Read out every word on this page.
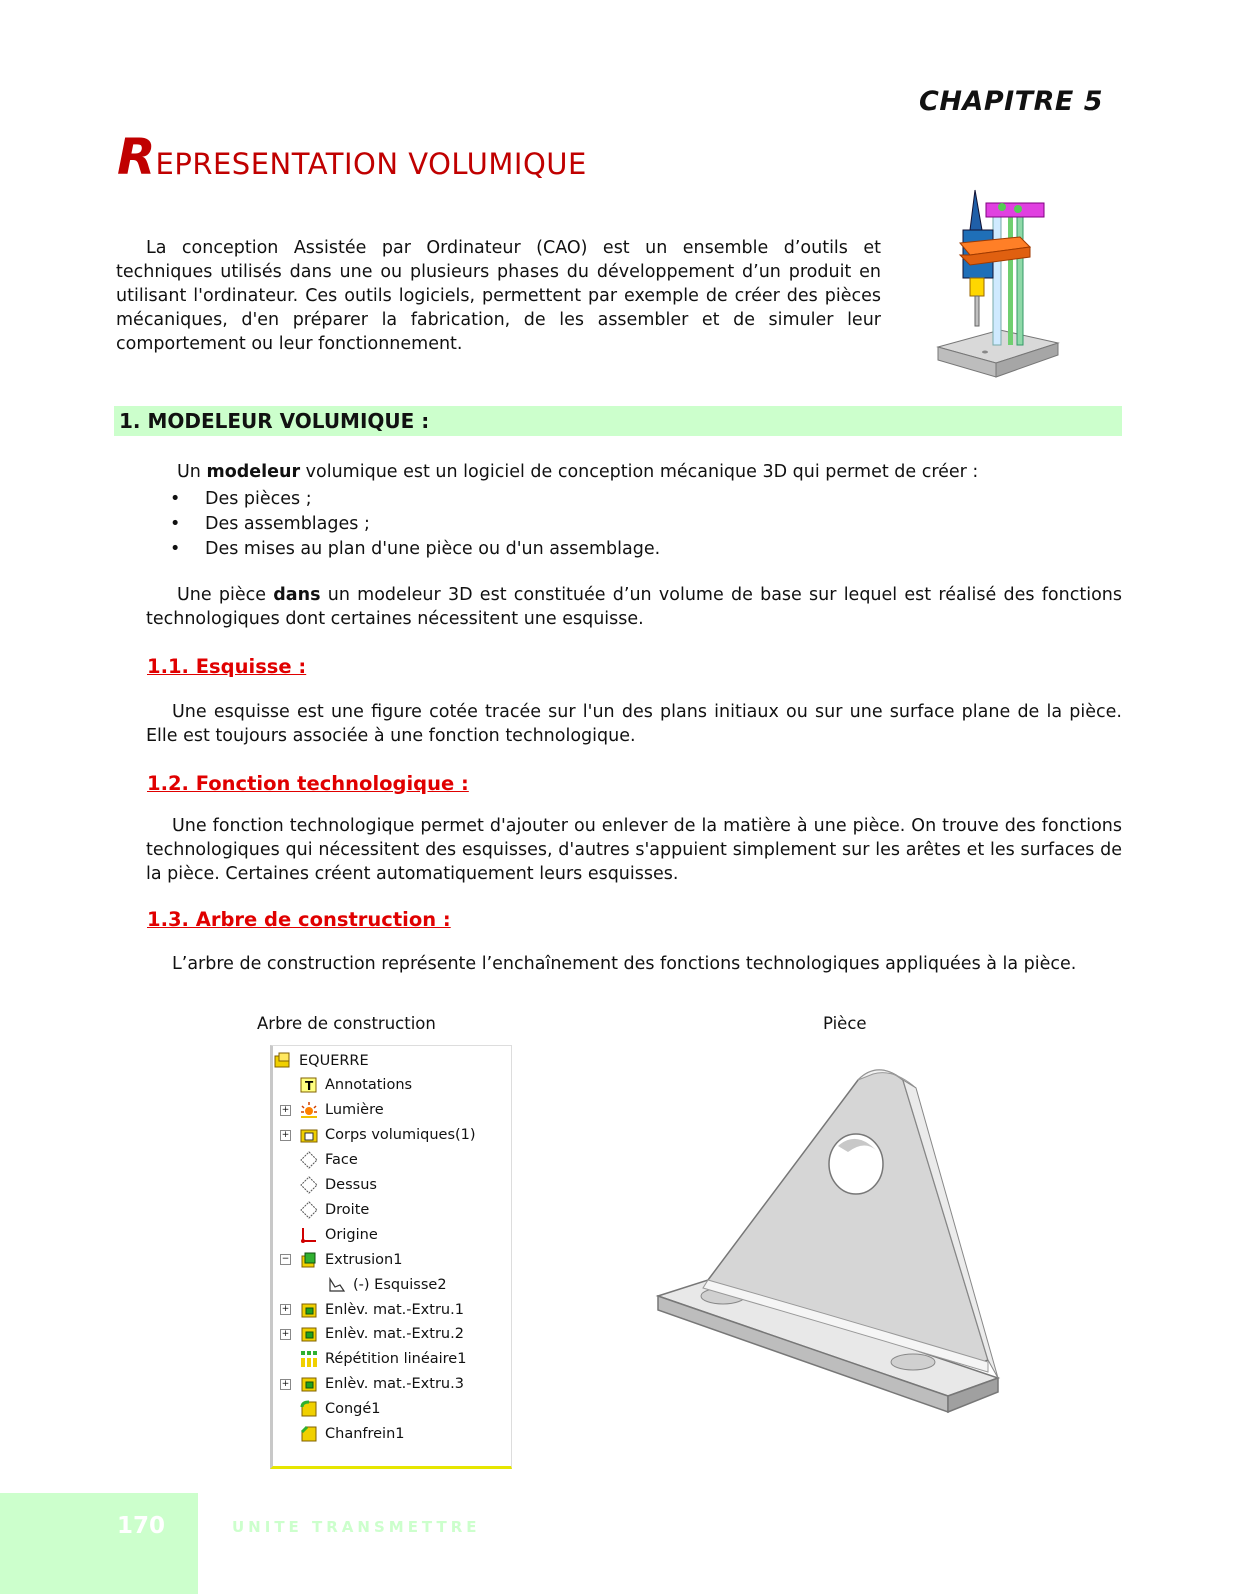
CHAPITRE 5
REPRESENTATION VOLUMIQUE

La conception Assistée par Ordinateur (CAO) est un ensemble d’outils et techniques utilisés dans une ou plusieurs phases du développement d’un produit en utilisant l'ordinateur. Ces outils logiciels, permettent par exemple de créer des pièces mécaniques, d'en préparer la fabrication, de les assembler et de simuler leur comportement ou leur fonctionnement.

1. MODELEUR VOLUMIQUE :

Un modeleur volumique est un logiciel de conception mécanique 3D qui permet de créer :

• Des pièces ;
• Des assemblages ;
• Des mises au plan d'une pièce ou d'un assemblage.

Une pièce dans un modeleur 3D est constituée d’un volume de base sur lequel est réalisé des fonctions technologiques dont certaines nécessitent une esquisse.

1.1. Esquisse :

Une esquisse est une figure cotée tracée sur l'un des plans initiaux ou sur une surface plane de la pièce. Elle est toujours associée à une fonction technologique.

1.2. Fonction technologique :

Une fonction technologique permet d'ajouter ou enlever de la matière à une pièce. On trouve des fonctions technologiques qui nécessitent des esquisses, d'autres s'appuient simplement sur les arêtes et les surfaces de la pièce. Certaines créent automatiquement leurs esquisses.

1.3. Arbre de construction :

L’arbre de construction représente l’enchaînement des fonctions technologiques appliquées à la pièce.

Arbre de construction	Pièce
EQUERRE
T Annotations
+ Lumière
+ Corps volumiques(1)
Face
Dessus
Droite
Origine
− Extrusion1
(-) Esquisse2
+ Enlèv. mat.-Extru.1
+ Enlèv. mat.-Extru.2
Répétition linéaire1
+ Enlèv. mat.-Extru.3
Congé1
Chanfrein1
170	UNITE TRANSMETTRE
